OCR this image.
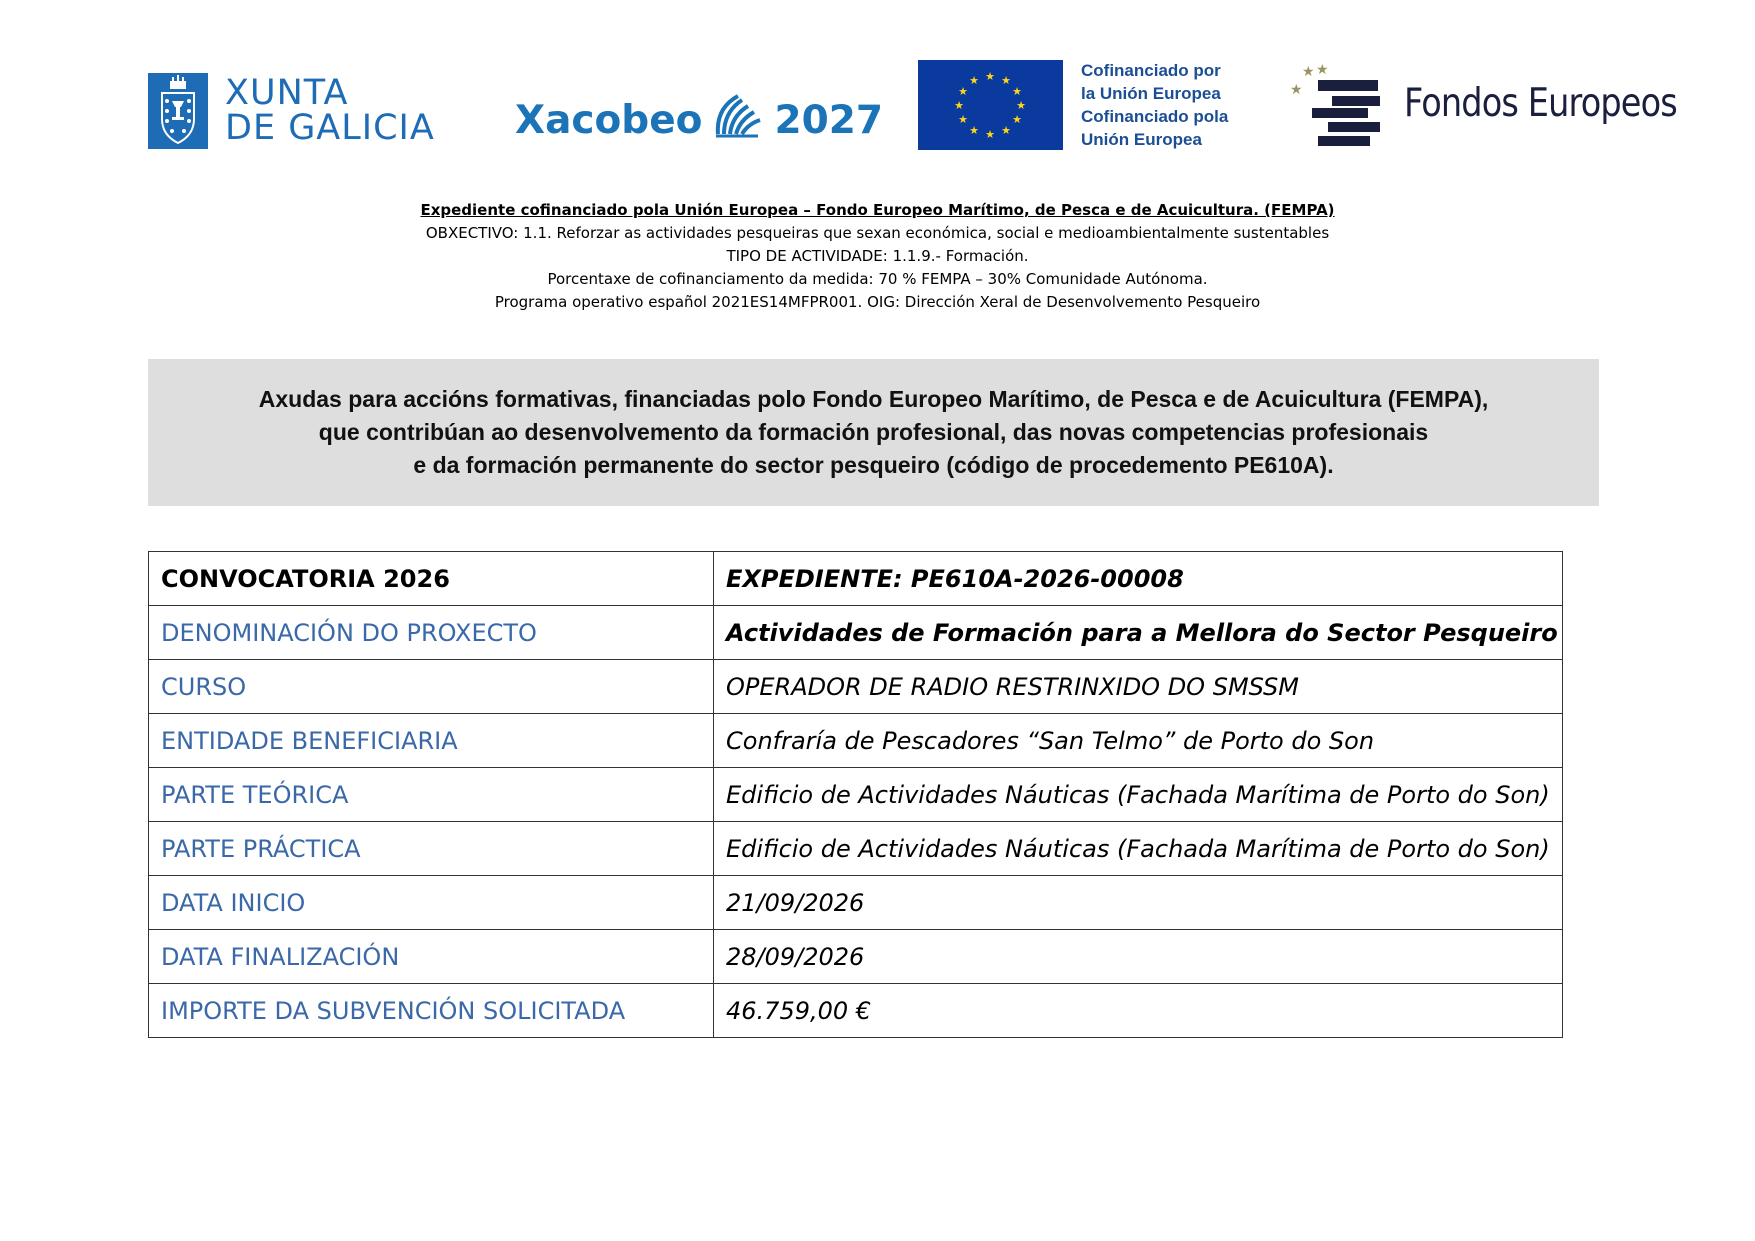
XUNTA
DE GALICIA Xacobeo 2027
★ ★
★
★
★
★
★
★
★
★
★
★
Cofinanciado por
la Unión Europea
Cofinanciado pola
Unión Europea
★
★ ★
Fondos Europeos
Expediente cofinanciado pola Unión Europea – Fondo Europeo Marítimo, de Pesca e de Acuicultura. (FEMPA)
OBXECTIVO: 1.1. Reforzar as actividades pesqueiras que sexan económica, social e medioambientalmente sustentables
TIPO DE ACTIVIDADE: 1.1.9.- Formación.
Porcentaxe de cofinanciamento da medida: 70 % FEMPA – 30% Comunidade Autónoma.
Programa operativo español 2021ES14MFPR001. OIG: Dirección Xeral de Desenvolvemento Pesqueiro
Axudas para accións formativas, financiadas polo Fondo Europeo Marítimo, de Pesca e de Acuicultura (FEMPA),
que contribúan ao desenvolvemento da formación profesional, das novas competencias profesionais
e da formación permanente do sector pesqueiro (código de procedemento PE610A).
CONVOCATORIA 2026	EXPEDIENTE: PE610A-2026-00008
DENOMINACIÓN DO PROXECTO	Actividades de Formación para a Mellora do Sector Pesqueiro
CURSO	OPERADOR DE RADIO RESTRINXIDO DO SMSSM
ENTIDADE BENEFICIARIA	Confraría de Pescadores “San Telmo” de Porto do Son
PARTE TEÓRICA	Edificio de Actividades Náuticas (Fachada Marítima de Porto do Son)
PARTE PRÁCTICA	Edificio de Actividades Náuticas (Fachada Marítima de Porto do Son)
DATA INICIO	21/09/2026
DATA FINALIZACIÓN	28/09/2026
IMPORTE DA SUBVENCIÓN SOLICITADA	46.759,00 €
